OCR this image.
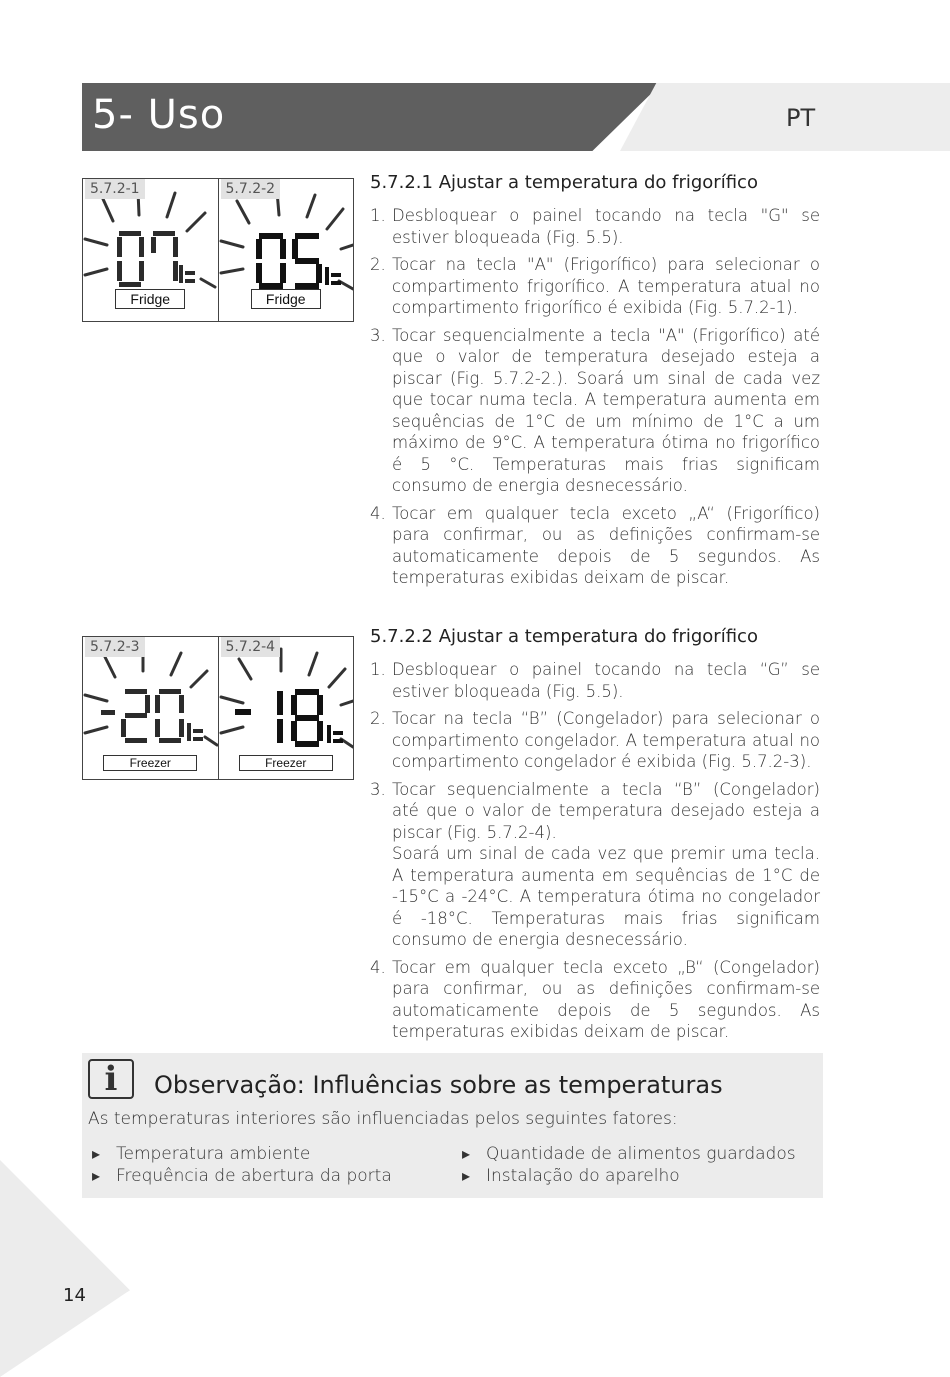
5- Uso	PT
5.7.2-1
Fridge
5.7.2-2
Fridge
5.7.2.1 Ajustar a temperatura do frigorífico
1. Desbloquear o painel tocando na tecla "G" se estiver bloqueada (Fig. 5.5).
2. Tocar na tecla "A" (Frigorífico) para selecionar o compartimento frigorífico. A temperatura atual no compartimento frigorífico é exibida (Fig. 5.7.2-1).
3. Tocar sequencialmente a tecla "A" (Frigorífico) até que o valor de temperatura desejado esteja a piscar (Fig. 5.7.2-2.). Soará um sinal de cada vez que tocar numa tecla. A temperatura aumenta em sequências de 1°C de um mínimo de 1°C a um máximo de 9°C. A temperatura ótima no frigorífico é 5 °C. Temperaturas mais frias significam consumo de energia desnecessário.
4. Tocar em qualquer tecla exceto „A“ (Frigorífico) para confirmar, ou as definições confirmam-se automaticamente depois de 5 segundos. As temperaturas exibidas deixam de piscar.
5.7.2-3
Freezer
5.7.2-4
Freezer
5.7.2.2 Ajustar a temperatura do frigorífico
1. Desbloquear o painel tocando na tecla “G” se estiver bloqueada (Fig. 5.5).
2. Tocar na tecla “B” (Congelador) para selecionar o compartimento congelador. A temperatura atual no compartimento congelador é exibida (Fig. 5.7.2-3).
3. Tocar sequencialmente a tecla “B” (Congelador) até que o valor de temperatura desejado esteja a piscar (Fig. 5.7.2-4).
Soará um sinal de cada vez que premir uma tecla. A temperatura aumenta em sequências de 1°C de -15°C a -24°C. A temperatura ótima no congelador é -18°C. Temperaturas mais frias significam consumo de energia desnecessário.
4. Tocar em qualquer tecla exceto „B“ (Congelador) para confirmar, ou as definições confirmam-se automaticamente depois de 5 segundos. As temperaturas exibidas deixam de piscar.
i Observação: Influências sobre as temperaturas
As temperaturas interiores são influenciadas pelos seguintes fatores:
▸ Temperatura ambiente
▸ Frequência de abertura da porta
▸ Quantidade de alimentos guardados
▸ Instalação do aparelho
14
